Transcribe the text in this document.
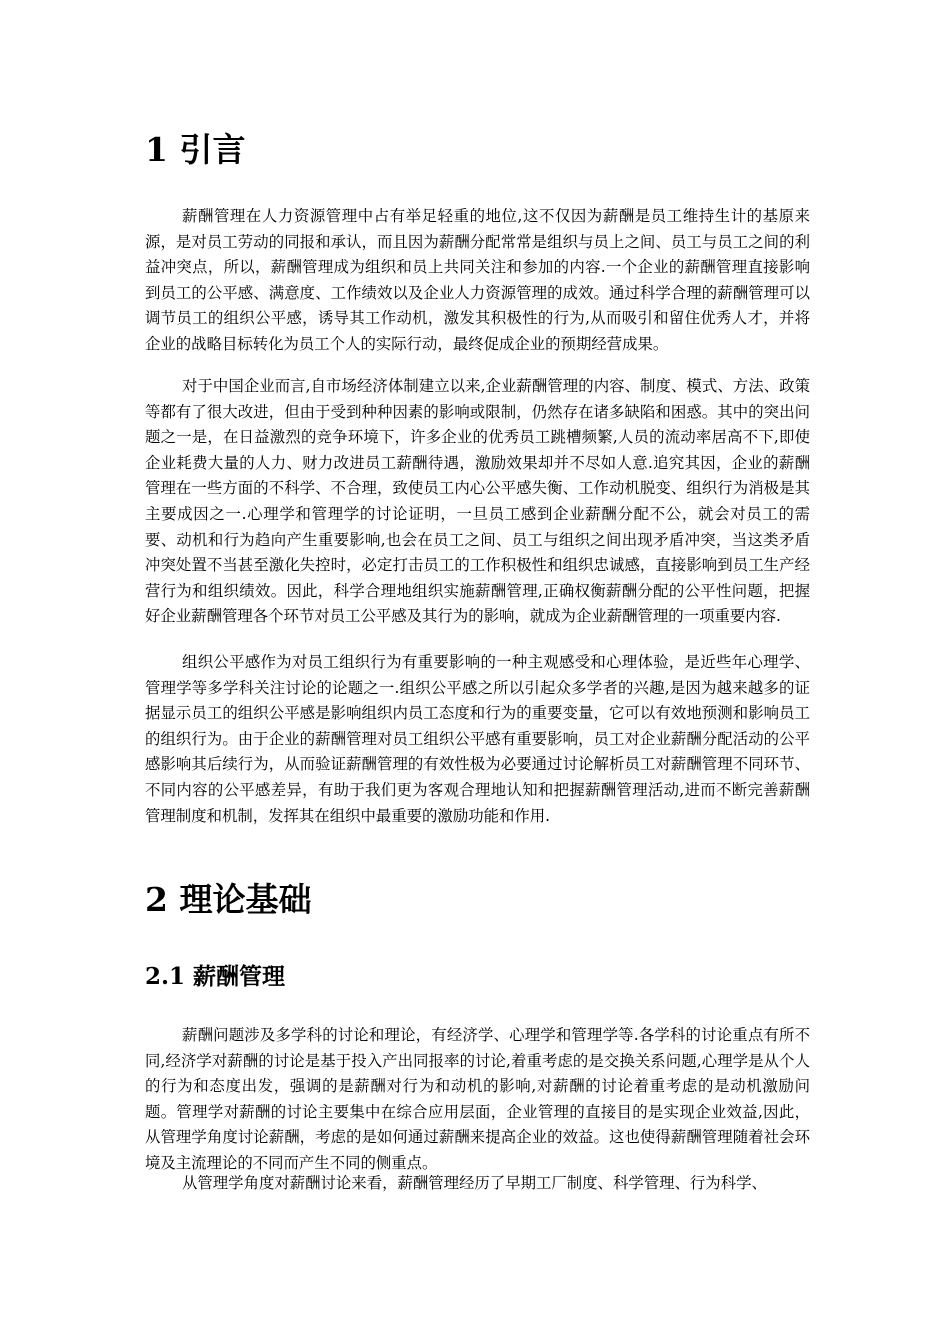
1 引言

薪酬管理在人力资源管理中占有举足轻重的地位,这不仅因为薪酬是员工维持生计的基原来源，是对员工劳动的同报和承认，而且因为薪酬分配常常是组织与员上之间、员工与员工之间的利益冲突点，所以，薪酬管理成为组织和员上共同关注和参加的内容.一个企业的薪酬管理直接影响到员工的公平感、满意度、工作绩效以及企业人力资源管理的成效。通过科学合理的薪酬管理可以调节员工的组织公平感，诱导其工作动机，激发其积极性的行为,从而吸引和留住优秀人才，并将企业的战略目标转化为员工个人的实际行动，最终促成企业的预期经营成果。

对于中国企业而言,自市场经济体制建立以来,企业薪酬管理的内容、制度、模式、方法、政策等都有了很大改进，但由于受到种种因素的影响或限制，仍然存在诸多缺陷和困惑。其中的突出问题之一是，在日益激烈的竞争环境下，许多企业的优秀员工跳槽频繁,人员的流动率居高不下,即使企业耗费大量的人力、财力改进员工薪酬待遇，激励效果却并不尽如人意.追究其因，企业的薪酬管理在一些方面的不科学、不合理，致使员工内心公平感失衡、工作动机脱变、组织行为消极是其主要成因之一.心理学和管理学的讨论证明，一旦员工感到企业薪酬分配不公，就会对员工的需要、动机和行为趋向产生重要影响,也会在员工之间、员工与组织之间出现矛盾冲突，当这类矛盾冲突处置不当甚至激化失控时，必定打击员工的工作积极性和组织忠诚感，直接影响到员工生产经营行为和组织绩效。因此，科学合理地组织实施薪酬管理,正确权衡薪酬分配的公平性问题，把握好企业薪酬管理各个环节对员工公平感及其行为的影响，就成为企业薪酬管理的一项重要内容.

组织公平感作为对员工组织行为有重要影响的一种主观感受和心理体验，是近些年心理学、管理学等多学科关注讨论的论题之一.组织公平感之所以引起众多学者的兴趣,是因为越来越多的证据显示员工的组织公平感是影响组织内员工态度和行为的重要变量，它可以有效地预测和影响员工的组织行为。由于企业的薪酬管理对员工组织公平感有重要影响，员工对企业薪酬分配活动的公平感影响其后续行为，从而验证薪酬管理的有效性极为必要通过讨论解析员工对薪酬管理不同环节、不同内容的公平感差异，有助于我们更为客观合理地认知和把握薪酬管理活动,进而不断完善薪酬管理制度和机制，发挥其在组织中最重要的激励功能和作用.

2 理论基础
2.1 薪酬管理

薪酬问题涉及多学科的讨论和理论，有经济学、心理学和管理学等.各学科的讨论重点有所不同,经济学对薪酬的讨论是基于投入产出同报率的讨论,着重考虑的是交换关系问题,心理学是从个人的行为和态度出发，强调的是薪酬对行为和动机的影响,对薪酬的讨论着重考虑的是动机激励问题。管理学对薪酬的讨论主要集中在综合应用层面，企业管理的直接目的是实现企业效益,因此，从管理学角度讨论薪酬，考虑的是如何通过薪酬来提高企业的效益。这也使得薪酬管理随着社会环境及主流理论的不同而产生不同的侧重点。

从管理学角度对薪酬讨论来看，薪酬管理经历了早期工厂制度、科学管理、行为科学、
